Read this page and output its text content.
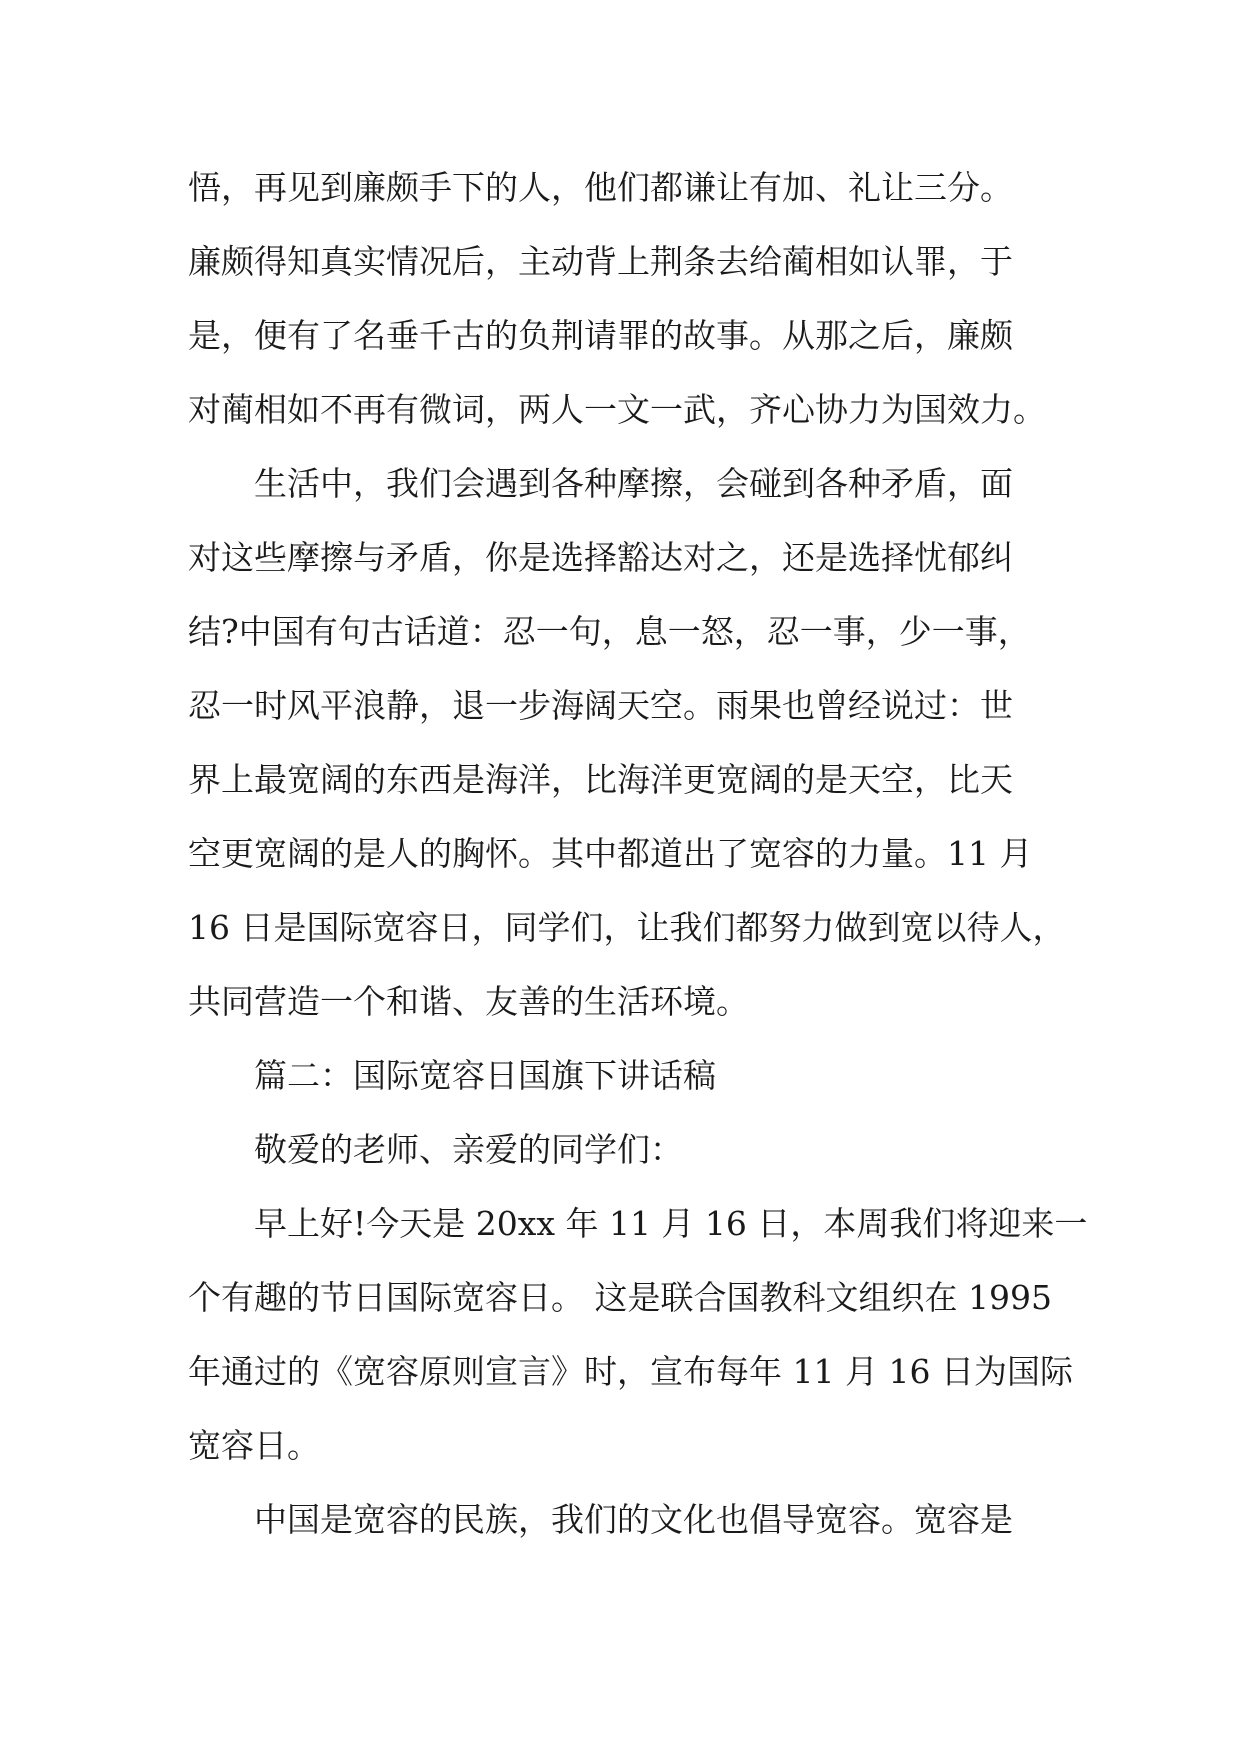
悟，再见到廉颇手下的人，他们都谦让有加、礼让三分。
廉颇得知真实情况后，主动背上荆条去给蔺相如认罪，于
是，便有了名垂千古的负荆请罪的故事。从那之后，廉颇
对蔺相如不再有微词，两人一文一武，齐心协力为国效力。
　　生活中，我们会遇到各种摩擦，会碰到各种矛盾，面
对这些摩擦与矛盾，你是选择豁达对之，还是选择忧郁纠
结?中国有句古话道：忍一句，息一怒，忍一事，少一事，
忍一时风平浪静，退一步海阔天空。雨果也曾经说过：世
界上最宽阔的东西是海洋，比海洋更宽阔的是天空，比天
空更宽阔的是人的胸怀。其中都道出了宽容的力量。11 月
16 日是国际宽容日，同学们，让我们都努力做到宽以待人，
共同营造一个和谐、友善的生活环境。
　　篇二：国际宽容日国旗下讲话稿
　　敬爱的老师、亲爱的同学们：
　　早上好!今天是 20xx 年 11 月 16 日，本周我们将迎来一
个有趣的节日国际宽容日。 这是联合国教科文组织在 1995
年通过的《宽容原则宣言》时，宣布每年 11 月 16 日为国际
宽容日。
　　中国是宽容的民族，我们的文化也倡导宽容。宽容是
